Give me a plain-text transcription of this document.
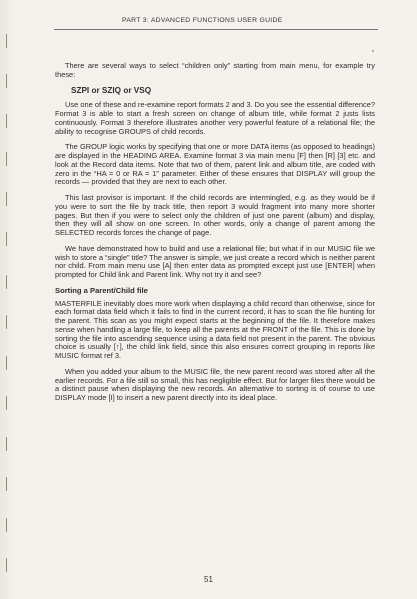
PART 3: ADVANCED FUNCTIONS USER GUIDE

There are several ways to select “children only” starting from main menu, for example try these:

SZPI or SZIQ or VSQ

Use one of these and re-examine report formats 2 and 3. Do you see the essential difference? Format 3 is able to start a fresh screen on change of album title, while format 2 justs lists continuously. Format 3 therefore illustrates another very powerful feature of a relational file; the ability to recognise GROUPS of child records.

The GROUP logic works by specifying that one or more DATA items (as opposed to headings) are displayed in the HEADING AREA. Examine format 3 via main menu [F] then [R] [3] etc. and look at the Record data items. Note that two of them, parent link and album title, are coded with zero in the “HA = 0 or RA = 1” parameter. Either of these ensures that DISPLAY will group the records — provided that they are next to each other.

This last provisor is important. If the child records are intermingled, e.g. as they would be if you were to sort the file by track title, then report 3 would fragment into many more shorter pages. But then if you were to select only the children of just one parent (album) and display, then they will all show on one screen. In other words, only a change of parent among the SELECTED records forces the change of page.

We have demonstrated how to build and use a relational file; but what if in our MUSIC file we wish to store a “single” title? The answer is simple, we just create a record which is neither parent nor child. From main menu use [A] then enter data as prompted except just use [ENTER] when prompted for Child link and Parent link. Why not try it and see?

Sorting a Parent/Child file

MASTERFILE inevitably does more work when displaying a child record than otherwise, since for each format data field which it fails to find in the current record, it has to scan the file hunting for the parent. This scan as you might expect starts at the beginning of the file. It therefore makes sense when handling a large file, to keep all the parents at the FRONT of the file. This is done by sorting the file into ascending sequence using a data field not present in the parent. The obvious choice is usually [↑], the child link field, since this also ensures correct grouping in reports like MUSIC format ref 3.

When you added your album to the MUSIC file, the new parent record was stored after all the earlier records. For a file still so small, this has negligible effect. But for larger files there would be a distinct pause when displaying the new records. An alternative to sorting is of course to use DISPLAY mode [I] to insert a new parent directly into its ideal place.

51
